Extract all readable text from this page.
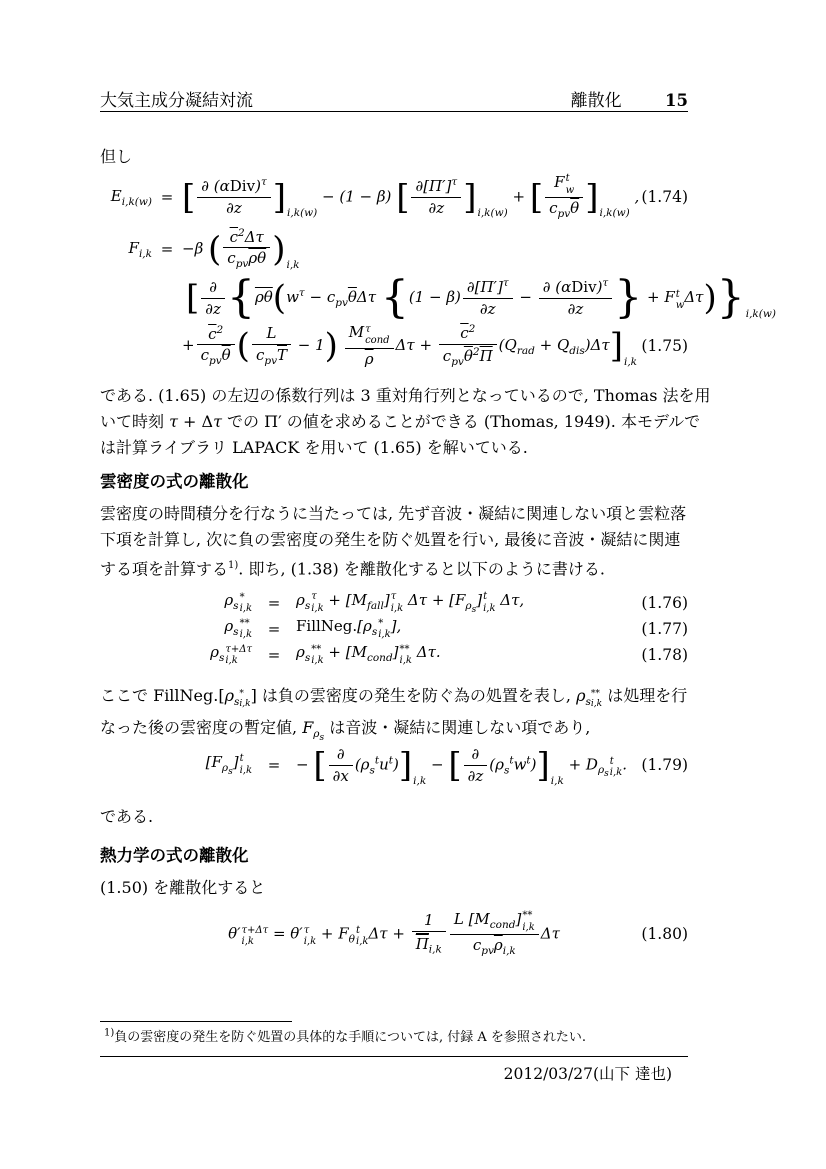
大気主成分凝結対流	離散化	15
但し
$E_{i,k(w)}$ = [ ∂ $(\alpha Div)^\tau$
∂z ]i,k(w) − (1 − β) [ $\frac{\partial[\Pi']^\tau}{\partial z} ]i,k(w)$ + [ F t
w
$c_{pv}\overline{\theta}$ ]i,k(w) , (1.74)
$F_{i,k} = -\beta$ ( $\overline{c}^2\Delta\tau$
$c_{pv}\overline{\rho\theta}$ )i,k
[ ∂
∂z {$\overline{\rho\theta}(w^\tau - c_{pv}\overline{\theta}\Delta\tau$ {$(1 - \beta) \frac{\partial[\Pi']^\tau}{\partial z}$ −
∂ $(\alpha Div)^\tau$
∂z } + F t
w Δτ)}i,k(w)
+
$\overline{c}^2$
$c_{pv}\overline{\theta}$ (	L
$c_{pv}\overline{T}$
− 1) M τ
cond
$\overline{\rho}$
Δτ +
$\overline{c}^2$
$c_{pv}\overline{\theta}^2\overline{\Pi}$
$(Q_{rad} + Q_{dis})\Delta\tau]i,k$
(1.75)
である. (1.65) の左辺の係数行列は 3 重対角行列となっているので, Thomas 法を用
いて時刻 τ + Δτ での Π′ の値を求めることができる (Thomas, 1949). 本モデルで
は計算ライブラリ LAPACK を用いて (1.65) を解いている.
雲密度の式の離散化
雲密度の時間積分を行なうに当たっては, 先ず音波・凝結に関連しない項と雲粒落
下項を計算し, 次に負の雲密度の発生を防ぐ処置を行い, 最後に音波・凝結に関連
する項を計算する$^{1)}$. 即ち, (1.38) を離散化すると以下のように書ける.
$\rho_s$
*
i,k	=	$\rho_s$
τ
$i,k + [M_{fall}]$ τ
i,k $\Delta\tau + [F_{\rho_s}]$ t
i,k Δτ,	(1.76)
$\rho_s$
**
i,k	=	$FillNeg.[\rho_s$
*
i,k ],	(1.77)
$\rho_s$
τ+Δτ
i,k	=	$\rho_s$
**
$i,k + [M_{cond}]$ **
i,k Δτ.	(1.78)
ここで $FillNeg.[\rho_s$
*
i,k ] は負の雲密度の発生を防ぐ為の処置を表し, $\rho_s$
**
i,k は処理を行
なった後の雲密度の暫定値, $F_{\rho_s}$ は音波・凝結に関連しない項であり,
$[F_{\rho_s}]$ t
i,k	=	− [ ∂
∂x
$(\rho_s^tu^t)]i,k$ − [ ∂
∂z
$(\rho_s^tw^t)]i,k + D_{\rho_s}$
t
i,k . (1.79)
である.
熱力学の式の離散化
(1.50) を離散化すると
θ′ τ+Δτ
i,k = θ′ τ
$i,k + F_\theta$
t
i,k $\Delta\tau + \frac{1}{\overline{\Pi}_{i,k}}$ L $[M_{cond}]$ **
i,k
$c_{pv}\overline{\rho}_{i,k}$
Δτ	(1.80)
$^{1)}$負の雲密度の発生を防ぐ処置の具体的な手順については, 付録 A を参照されたい.
2012/03/27(山下 達也)
